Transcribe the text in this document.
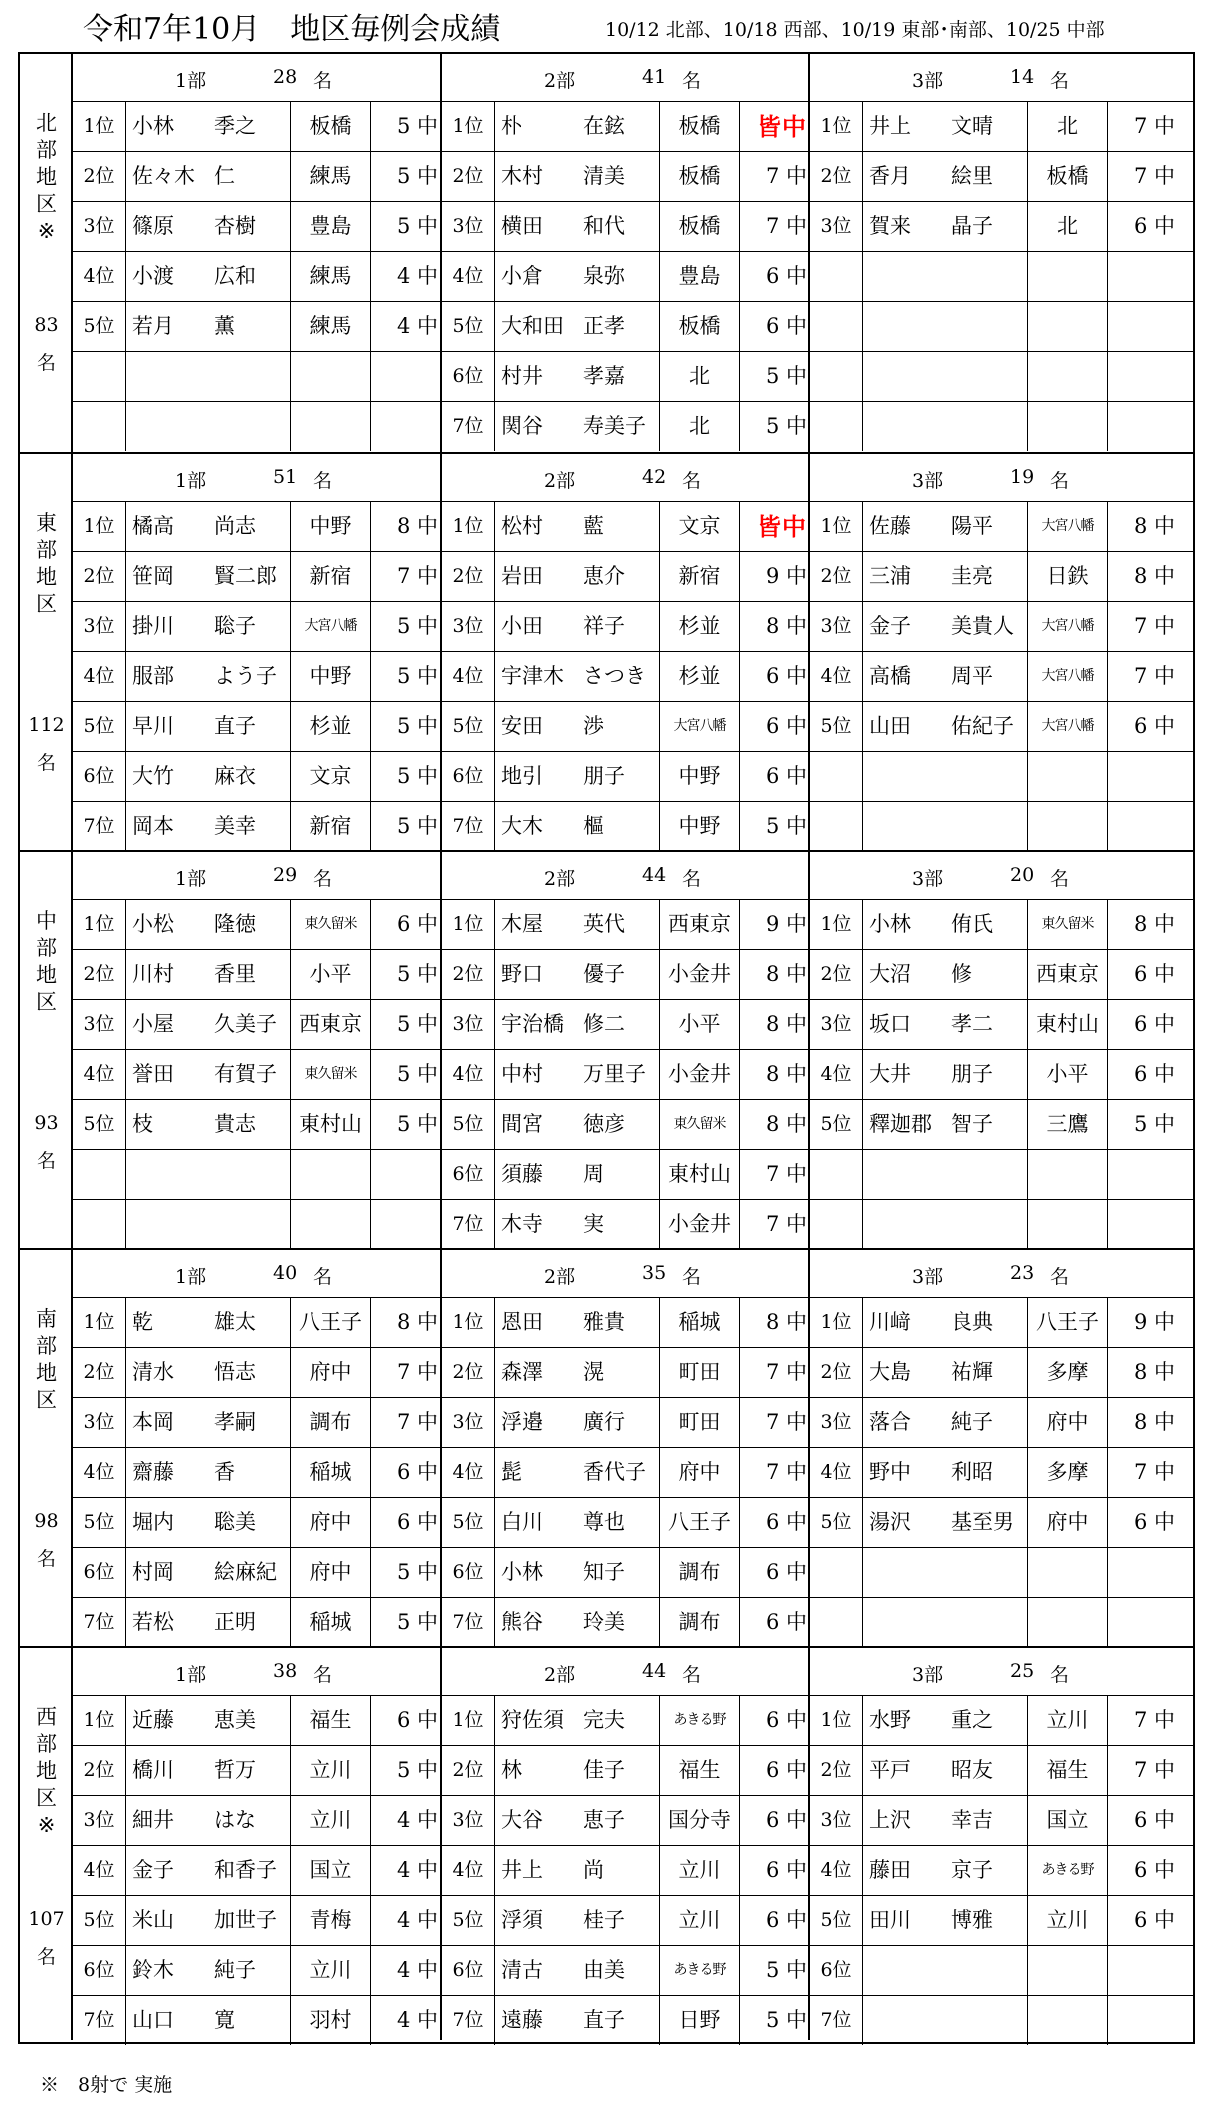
令和7年10月　地区毎例会成績	10/12 北部、10/18 西部、10/19 東部･南部、10/25 中部
北
部
地
区
※
83
名
1部	28 名
1位 小林 季之	板橋	5 中
2位 佐々木 仁	練馬	5 中
3位 篠原 杏樹	豊島	5 中
4位 小渡 広和	練馬	4 中
5位 若月 薫	練馬	4 中
2部	41 名
1位 朴	在鉉	板橋	皆中
2位 木村 清美	板橋	7 中
3位 横田 和代	板橋	7 中
4位 小倉 泉弥	豊島	6 中
5位 大和田 正孝	板橋	6 中
6位 村井 孝嘉	北	5 中
7位 関谷 寿美子	北	5 中
3部	14 名
1位 井上 文晴	北	7 中
2位 香月 絵里	板橋	7 中
3位 賀来 晶子	北	6 中
東
部
地
区
112
名
1部	51 名
1位 橘高 尚志	中野	8 中
2位 笹岡 賢二郎	新宿	7 中
3位 掛川 聡子	大宮八幡	5 中
4位 服部 よう子	中野	5 中
5位 早川 直子	杉並	5 中
6位 大竹 麻衣	文京	5 中
7位 岡本 美幸	新宿	5 中
2部	42 名
1位 松村 藍	文京	皆中
2位 岩田 恵介	新宿	9 中
3位 小田 祥子	杉並	8 中
4位 宇津木 さつき	杉並	6 中
5位 安田 渉	大宮八幡	6 中
6位 地引 朋子	中野	6 中
7位 大木 樞	中野	5 中
3部	19 名
1位 佐藤 陽平	大宮八幡	8 中
2位 三浦 圭亮	日鉄	8 中
3位 金子 美貴人	大宮八幡	7 中
4位 高橋 周平	大宮八幡	7 中
5位 山田 佑紀子	大宮八幡	6 中
中
部
地
区
93
名
1部	29 名
1位 小松 隆徳	東久留米	6 中
2位 川村 香里	小平	5 中
3位 小屋 久美子	西東京	5 中
4位 誉田 有賀子	東久留米	5 中
5位 枝	貴志	東村山	5 中
2部	44 名
1位 木屋 英代	西東京	9 中
2位 野口 優子	小金井	8 中
3位 宇治橋 修二	小平	8 中
4位 中村 万里子	小金井	8 中
5位 間宮 徳彦	東久留米	8 中
6位 須藤 周	東村山	7 中
7位 木寺 実	小金井	7 中
3部	20 名
1位 小林 侑氏	東久留米	8 中
2位 大沼 修	西東京	6 中
3位 坂口 孝二	東村山	6 中
4位 大井 朋子	小平	6 中
5位 釋迦郡 智子	三鷹	5 中
南
部
地
区
98
名
1部	40 名
1位 乾	雄太	八王子	8 中
2位 清水 悟志	府中	7 中
3位 本岡 孝嗣	調布	7 中
4位 齋藤 香	稲城	6 中
5位 堀内 聡美	府中	6 中
6位 村岡 絵麻紀	府中	5 中
7位 若松 正明	稲城	5 中
2部	35 名
1位 恩田 雅貴	稲城	8 中
2位 森澤 滉	町田	7 中
3位 浮邉 廣行	町田	7 中
4位 髭	香代子	府中	7 中
5位 白川 尊也	八王子	6 中
6位 小林 知子	調布	6 中
7位 熊谷 玲美	調布	6 中
3部	23 名
1位 川﨑 良典	八王子	9 中
2位 大島 祐輝	多摩	8 中
3位 落合 純子	府中	8 中
4位 野中 利昭	多摩	7 中
5位 湯沢 基至男	府中	6 中
西
部
地
区
※
107
名
1部	38 名
1位 近藤 恵美	福生	6 中
2位 橋川 哲万	立川	5 中
3位 細井 はな	立川	4 中
4位 金子 和香子	国立	4 中
5位 米山 加世子	青梅	4 中
6位 鈴木 純子	立川	4 中
7位 山口 寛	羽村	4 中
2部	44 名
1位 狩佐須 完夫	あきる野	6 中
2位 林	佳子	福生	6 中
3位 大谷 恵子	国分寺	6 中
4位 井上 尚	立川	6 中
5位 浮須 桂子	立川	6 中
6位 清古 由美	あきる野	5 中
7位 遠藤 直子	日野	5 中
3部	25 名
1位 水野 重之	立川	7 中
2位 平戸 昭友	福生	7 中
3位 上沢 幸吉	国立	6 中
4位 藤田 京子	あきる野	6 中
5位 田川 博雅	立川	6 中
6位
7位
※　8射で 実施
